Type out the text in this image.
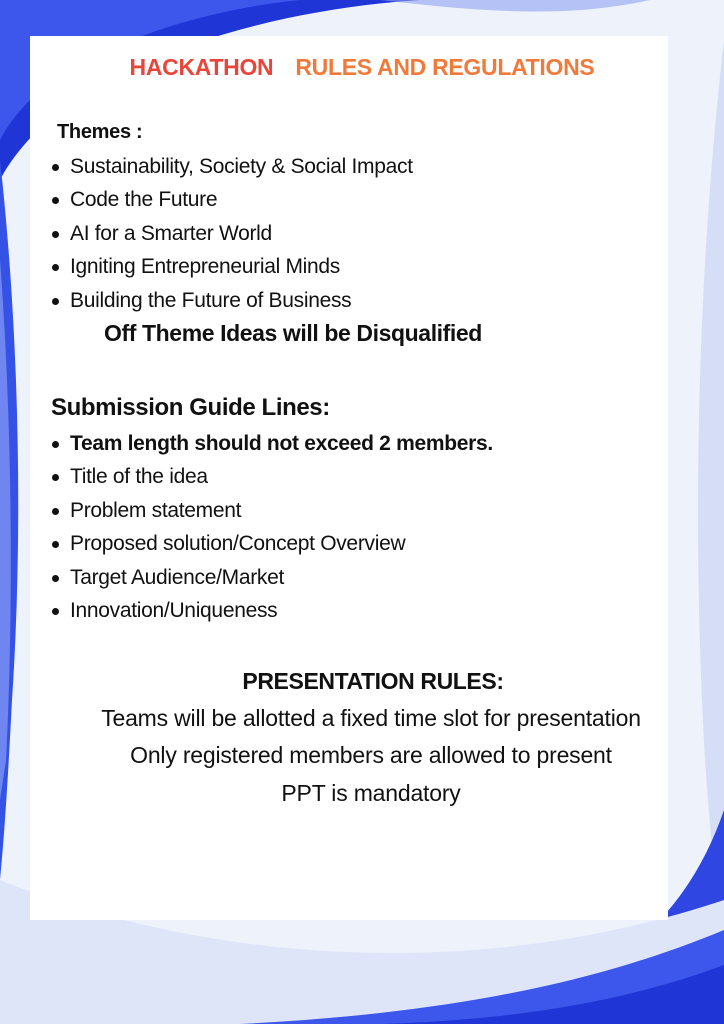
HACKATHON RULES AND REGULATIONS
Themes :
Sustainability, Society & Social Impact
Code the Future
AI for a Smarter World
Igniting Entrepreneurial Minds
Building the Future of Business
Off Theme Ideas will be Disqualified
Submission Guide Lines:
Team length should not exceed 2 members.
Title of the idea
Problem statement
Proposed solution/Concept Overview
Target Audience/Market
Innovation/Uniqueness
PRESENTATION RULES:
Teams will be allotted a fixed time slot for presentation
Only registered members are allowed to present
PPT is mandatory
